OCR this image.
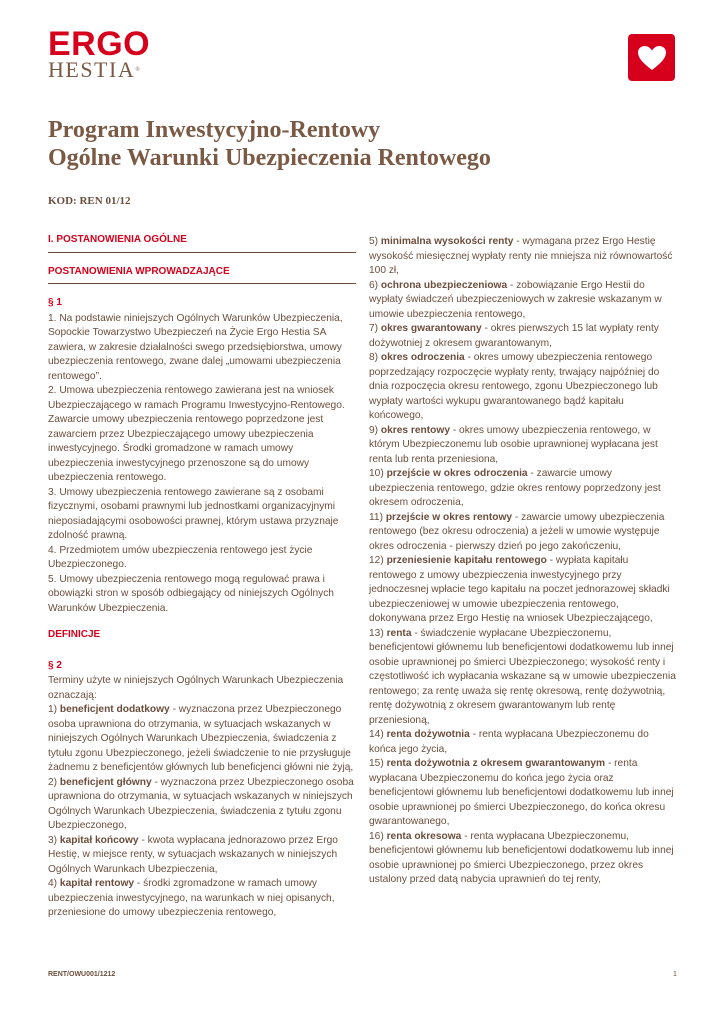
ERGO
HESTIA®
Program Inwestycyjno-Rentowy
Ogólne Warunki Ubezpieczenia Rentowego
KOD: REN 01/12
I. POSTANOWIENIA OGÓLNE
POSTANOWIENIA WPROWADZAJĄCE
§ 1

1. Na podstawie niniejszych Ogólnych Warunków Ubezpieczenia, Sopockie Towarzystwo Ubezpieczeń na Życie Ergo Hestia SA zawiera, w zakresie działalności swego przedsiębiorstwa, umowy ubezpieczenia rentowego, zwane dalej „umowami ubezpieczenia rentowego”.

2. Umowa ubezpieczenia rentowego zawierana jest na wniosek Ubezpieczającego w ramach Programu Inwestycyjno-Rentowego. Zawarcie umowy ubezpieczenia rentowego poprzedzone jest zawarciem przez Ubezpieczającego umowy ubezpieczenia inwestycyjnego. Środki gromadzone w ramach umowy ubezpieczenia inwestycyjnego przenoszone są do umowy ubezpieczenia rentowego.

3. Umowy ubezpieczenia rentowego zawierane są z osobami fizycznymi, osobami prawnymi lub jednostkami organizacyjnymi nieposiadającymi osobowości prawnej, którym ustawa przyznaje zdolność prawną.

4. Przedmiotem umów ubezpieczenia rentowego jest życie Ubezpieczonego.

5. Umowy ubezpieczenia rentowego mogą regulować prawa i obowiązki stron w sposób odbiegający od niniejszych Ogólnych Warunków Ubezpieczenia.

DEFINICJE
§ 2

Terminy użyte w niniejszych Ogólnych Warunkach Ubezpieczenia oznaczają:

1) beneficjent dodatkowy - wyznaczona przez Ubezpieczonego osoba uprawniona do otrzymania, w sytuacjach wskazanych w niniejszych Ogólnych Warunkach Ubezpieczenia, świadczenia z tytułu zgonu Ubezpieczonego, jeżeli świadczenie to nie przysługuje żadnemu z beneficjentów głównych lub beneficjenci główni nie żyją,

2) beneficjent główny - wyznaczona przez Ubezpieczonego osoba uprawniona do otrzymania, w sytuacjach wskazanych w niniejszych Ogólnych Warunkach Ubezpieczenia, świadczenia z tytułu zgonu Ubezpieczonego,

3) kapitał końcowy - kwota wypłacana jednorazowo przez Ergo Hestię, w miejsce renty, w sytuacjach wskazanych w niniejszych Ogólnych Warunkach Ubezpieczenia,

4) kapitał rentowy - środki zgromadzone w ramach umowy ubezpieczenia inwestycyjnego, na warunkach w niej opisanych, przeniesione do umowy ubezpieczenia rentowego,

5) minimalna wysokości renty - wymagana przez Ergo Hestię wysokość miesięcznej wypłaty renty nie mniejsza niż równowartość 100 zł,

6) ochrona ubezpieczeniowa - zobowiązanie Ergo Hestii do wypłaty świadczeń ubezpieczeniowych w zakresie wskazanym w umowie ubezpieczenia rentowego,

7) okres gwarantowany - okres pierwszych 15 lat wypłaty renty dożywotniej z okresem gwarantowanym,

8) okres odroczenia - okres umowy ubezpieczenia rentowego poprzedzający rozpoczęcie wypłaty renty, trwający najpóźniej do dnia rozpoczęcia okresu rentowego, zgonu Ubezpieczonego lub wypłaty wartości wykupu gwarantowanego bądź kapitału końcowego,

9) okres rentowy - okres umowy ubezpieczenia rentowego, w którym Ubezpieczonemu lub osobie uprawnionej wypłacana jest renta lub renta przeniesiona,

10) przejście w okres odroczenia - zawarcie umowy ubezpieczenia rentowego, gdzie okres rentowy poprzedzony jest okresem odroczenia,

11) przejście w okres rentowy - zawarcie umowy ubezpieczenia rentowego (bez okresu odroczenia) a jeżeli w umowie występuje okres odroczenia - pierwszy dzień po jego zakończeniu,

12) przeniesienie kapitału rentowego - wypłata kapitału rentowego z umowy ubezpieczenia inwestycyjnego przy jednoczesnej wpłacie tego kapitału na poczet jednorazowej składki ubezpieczeniowej w umowie ubezpieczenia rentowego, dokonywana przez Ergo Hestię na wniosek Ubezpieczającego,

13) renta - świadczenie wypłacane Ubezpieczonemu, beneficjentowi głównemu lub beneficjentowi dodatkowemu lub innej osobie uprawnionej po śmierci Ubezpieczonego; wysokość renty i częstotliwość ich wypłacania wskazane są w umowie ubezpieczenia rentowego; za rentę uważa się rentę okresową, rentę dożywotnią, rentę dożywotnią z okresem gwarantowanym lub rentę przeniesioną,

14) renta dożywotnia - renta wypłacana Ubezpieczonemu do końca jego życia,

15) renta dożywotnia z okresem gwarantowanym - renta wypłacana Ubezpieczonemu do końca jego życia oraz beneficjentowi głównemu lub beneficjentowi dodatkowemu lub innej osobie uprawnionej po śmierci Ubezpieczonego, do końca okresu gwarantowanego,

16) renta okresowa - renta wypłacana Ubezpieczonemu, beneficjentowi głównemu lub beneficjentowi dodatkowemu lub innej osobie uprawnionej po śmierci Ubezpieczonego, przez okres ustalony przed datą nabycia uprawnień do tej renty,

RENT/OWU001/1212	1
